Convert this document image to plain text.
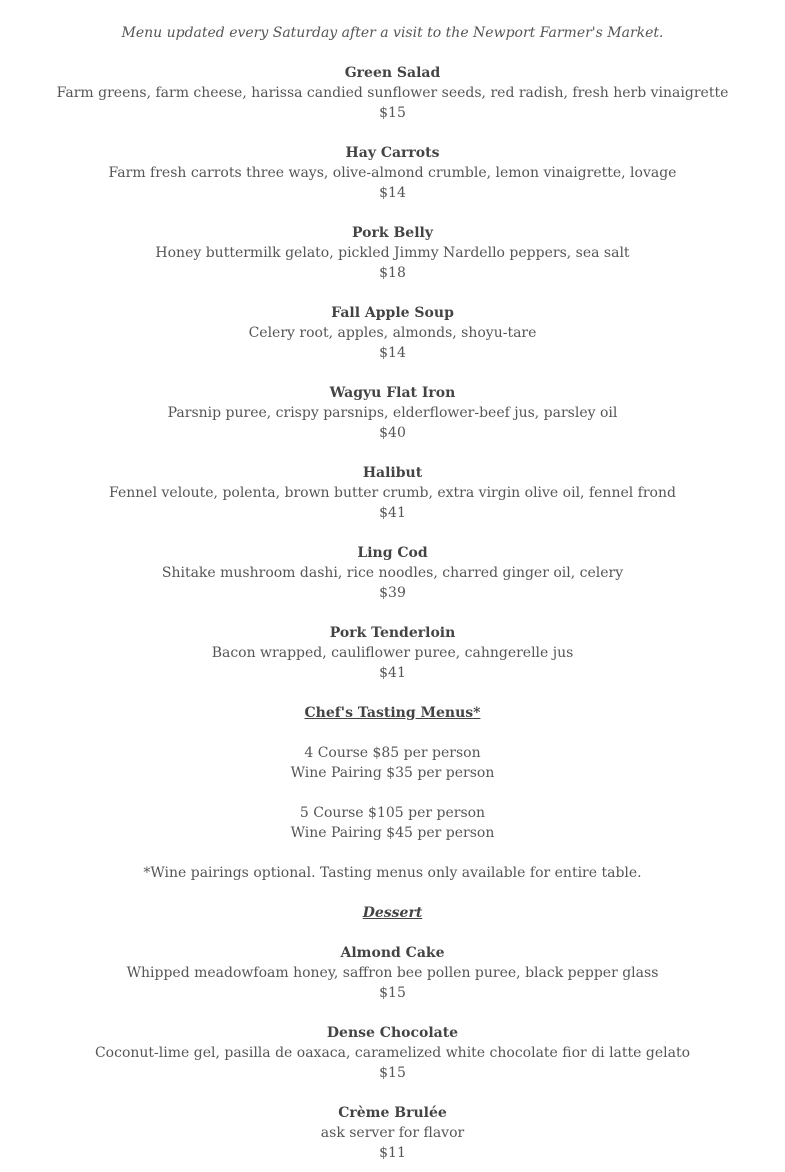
Menu updated every Saturday after a visit to the Newport Farmer's Market.
Green Salad
Farm greens, farm cheese, harissa candied sunflower seeds, red radish, fresh herb vinaigrette
$15
Hay Carrots
Farm fresh carrots three ways, olive-almond crumble, lemon vinaigrette, lovage
$14
Pork Belly
Honey buttermilk gelato, pickled Jimmy Nardello peppers, sea salt
$18
Fall Apple Soup
Celery root, apples, almonds, shoyu-tare
$14
Wagyu Flat Iron
Parsnip puree, crispy parsnips, elderflower-beef jus, parsley oil
$40
Halibut
Fennel veloute, polenta, brown butter crumb, extra virgin olive oil, fennel frond
$41
Ling Cod
Shitake mushroom dashi, rice noodles, charred ginger oil, celery
$39
Pork Tenderloin
Bacon wrapped, cauliflower puree, cahngerelle jus
$41
Chef's Tasting Menus*
4 Course $85 per person
Wine Pairing $35 per person
5 Course $105 per person
Wine Pairing $45 per person
*Wine pairings optional. Tasting menus only available for entire table.
Dessert
Almond Cake
Whipped meadowfoam honey, saffron bee pollen puree, black pepper glass
$15
Dense Chocolate
Coconut-lime gel, pasilla de oaxaca, caramelized white chocolate fior di latte gelato
$15
Crème Brulée
ask server for flavor
$11
